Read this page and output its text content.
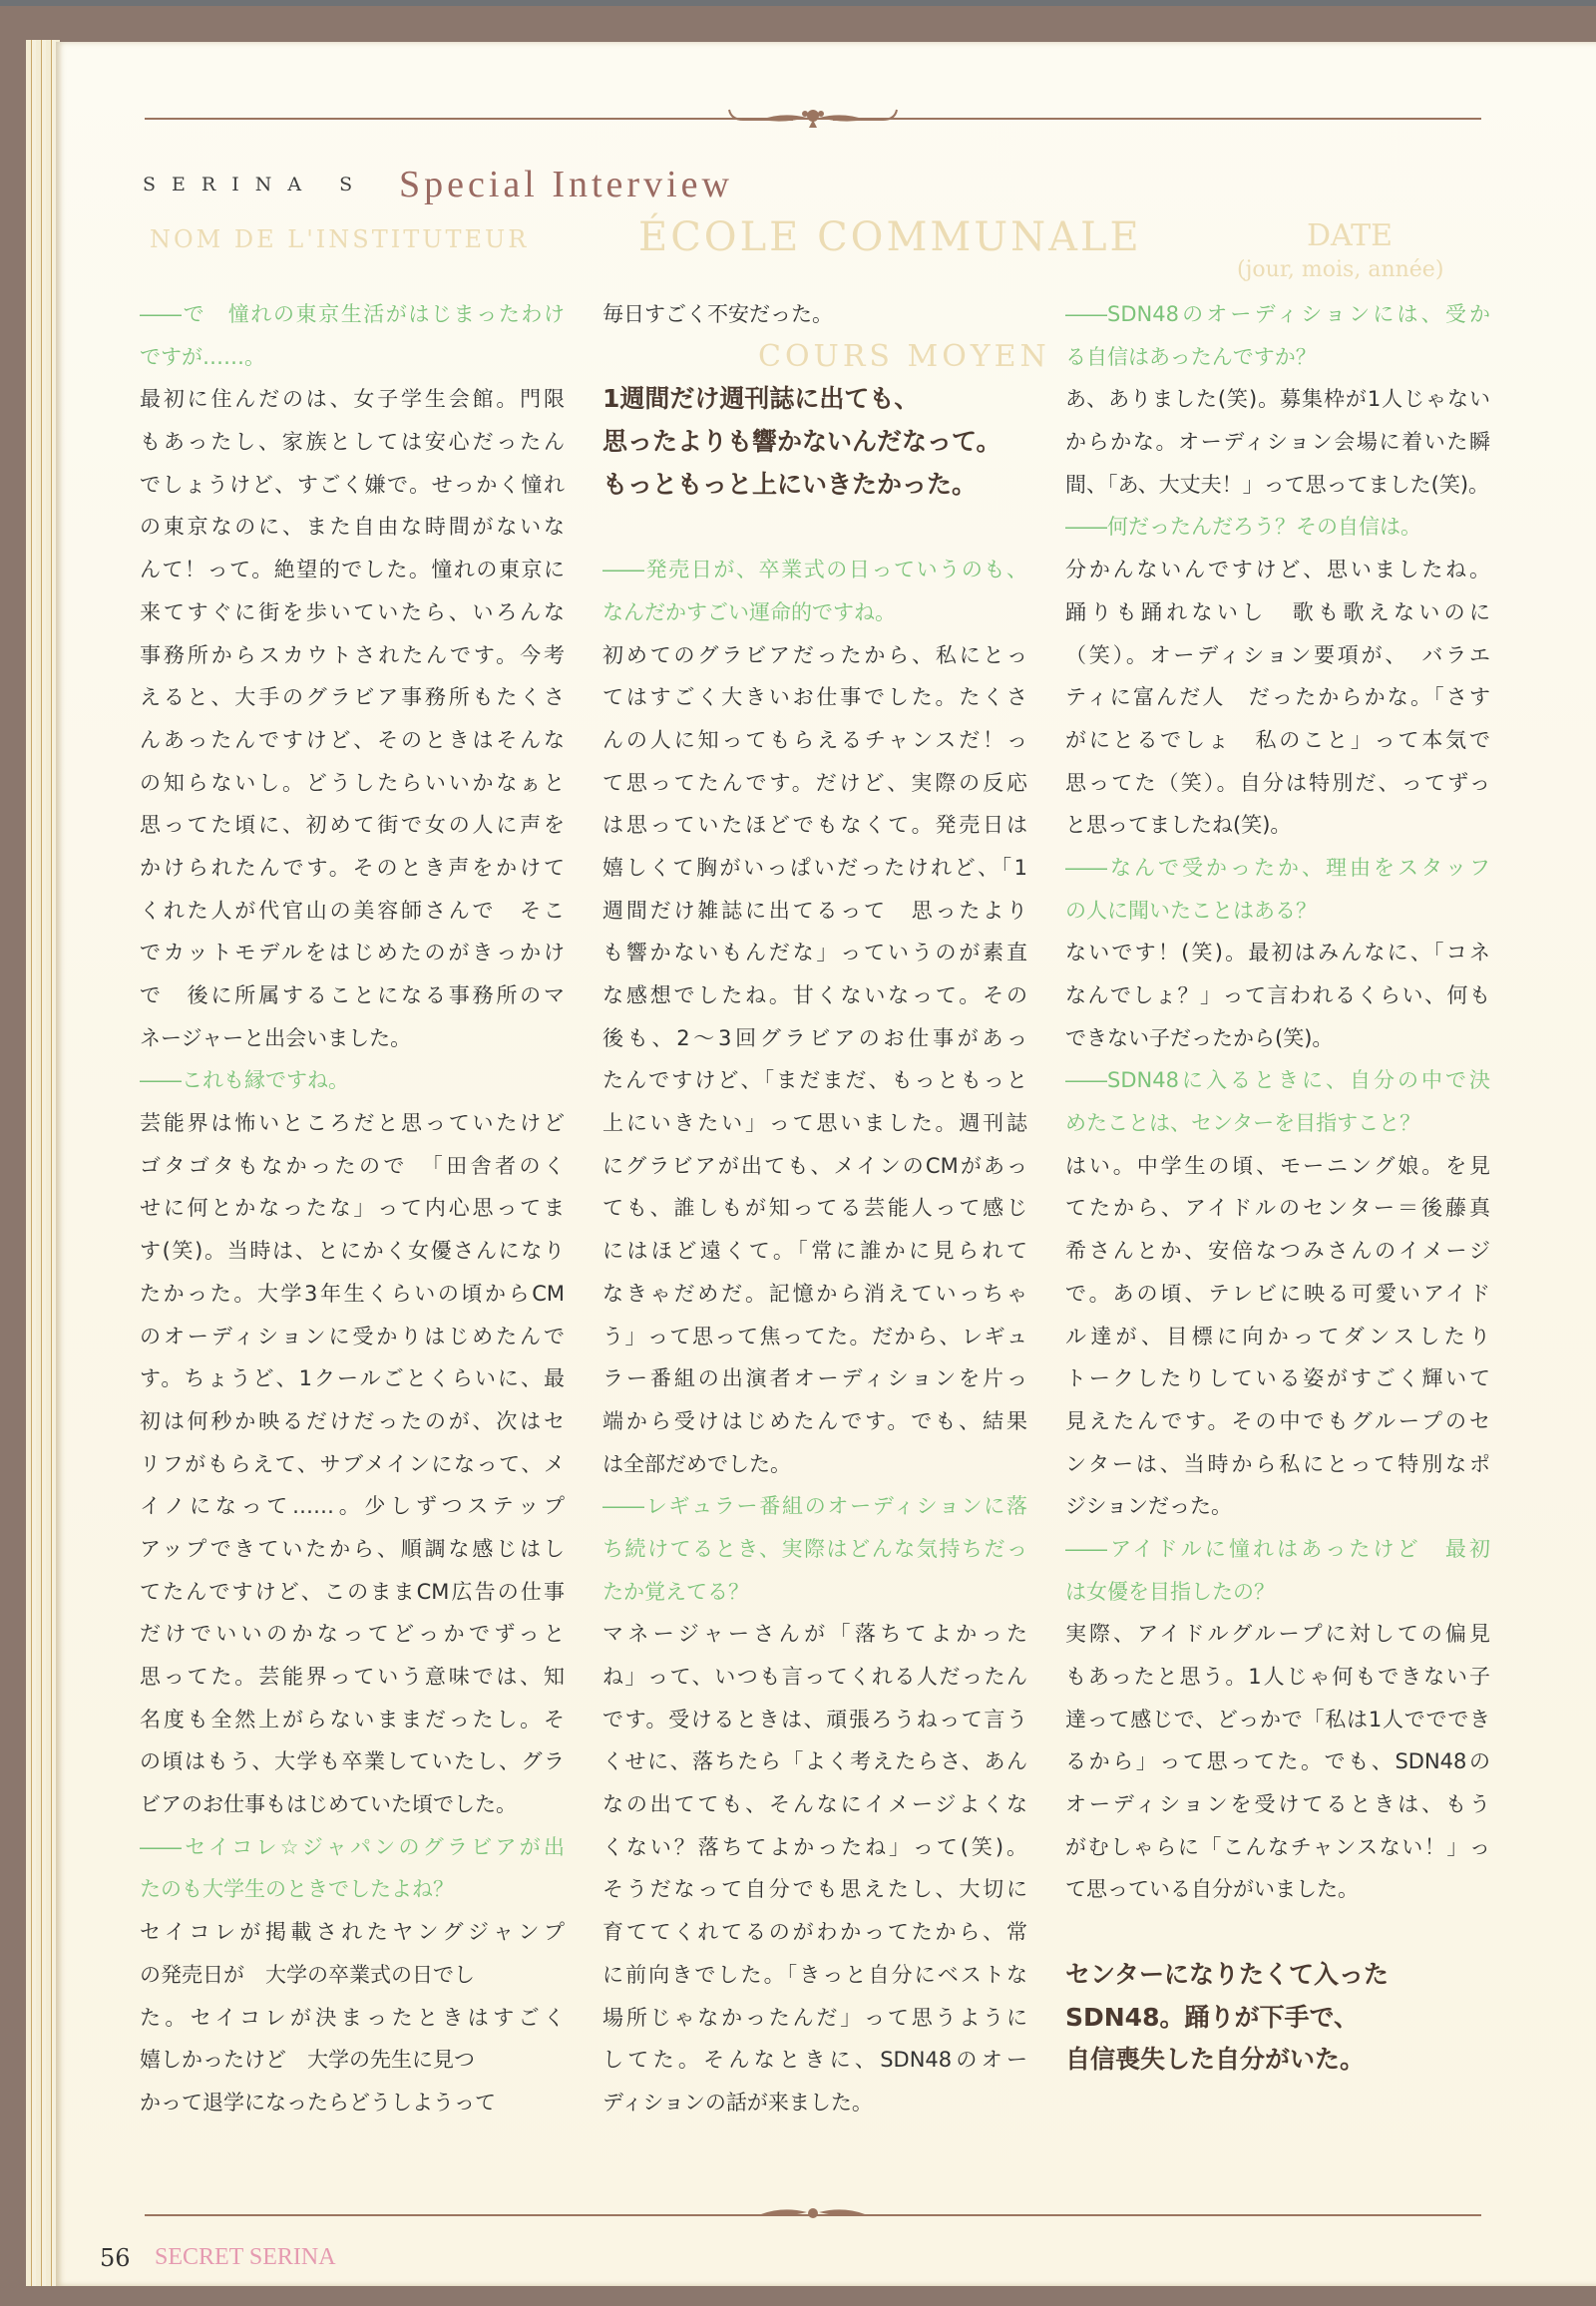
NOM DE L'INSTITUTEUR	ÉCOLE COMMUNALE	DATE
(jour, mois, année)
COURS MOYEN
SERINA S Special Interview
――で　憧れの東京生活がはじまったわけ
ですが……。
最初に住んだのは、女子学生会館。門限
もあったし、家族としては安心だったん
でしょうけど、すごく嫌で。せっかく憧れ
の東京なのに、また自由な時間がないな
んて！って。絶望的でした。憧れの東京に
来てすぐに街を歩いていたら、いろんな
事務所からスカウトされたんです。今考
えると、大手のグラビア事務所もたくさ
んあったんですけど、そのときはそんな
の知らないし。どうしたらいいかなぁと
思ってた頃に、初めて街で女の人に声を
かけられたんです。そのとき声をかけて
くれた人が代官山の美容師さんで　そこ
でカットモデルをはじめたのがきっかけ
で　後に所属することになる事務所のマ
ネージャーと出会いました。
――これも縁ですね。
芸能界は怖いところだと思っていたけど
ゴタゴタもなかったので　「田舎者のく
せに何とかなったな」って内心思ってま
す(笑)。当時は、とにかく女優さんになり
たかった。大学3年生くらいの頃からCM
のオーディションに受かりはじめたんで
す。ちょうど、1クールごとくらいに、最
初は何秒か映るだけだったのが、次はセ
リフがもらえて、サブメインになって、メ
イノになって……。少しずつステップ
アップできていたから、順調な感じはし
てたんですけど、このままCM広告の仕事
だけでいいのかなってどっかでずっと
思ってた。芸能界っていう意味では、知
名度も全然上がらないままだったし。そ
の頃はもう、大学も卒業していたし、グラ
ビアのお仕事もはじめていた頃でした。
――セイコレ☆ジャパンのグラビアが出
たのも大学生のときでしたよね？
セイコレが掲載されたヤングジャンプ
の発売日が　大学の卒業式の日でし
た。セイコレが決まったときはすごく
嬉しかったけど　大学の先生に見つ
かって退学になったらどうしようって
毎日すごく不安だった。
1週間だけ週刊誌に出ても、
思ったよりも響かないんだなって。
もっともっと上にいきたかった。
――発売日が、卒業式の日っていうのも、
なんだかすごい運命的ですね。
初めてのグラビアだったから、私にとっ
てはすごく大きいお仕事でした。たくさ
んの人に知ってもらえるチャンスだ！っ
て思ってたんです。だけど、実際の反応
は思っていたほどでもなくて。発売日は
嬉しくて胸がいっぱいだったけれど、「1
週間だけ雑誌に出てるって　思ったより
も響かないもんだな」っていうのが素直
な感想でしたね。甘くないなって。その
後も、2～3回グラビアのお仕事があっ
たんですけど、「まだまだ、もっともっと
上にいきたい」って思いました。週刊誌
にグラビアが出ても、メインのCMがあっ
ても、誰しもが知ってる芸能人って感じ
にはほど遠くて。「常に誰かに見られて
なきゃだめだ。記憶から消えていっちゃ
う」って思って焦ってた。だから、レギュ
ラー番組の出演者オーディションを片っ
端から受けはじめたんです。でも、結果
は全部だめでした。
――レギュラー番組のオーディションに落
ち続けてるとき、実際はどんな気持ちだっ
たか覚えてる？
マネージャーさんが「落ちてよかった
ね」って、いつも言ってくれる人だったん
です。受けるときは、頑張ろうねって言う
くせに、落ちたら「よく考えたらさ、あん
なの出てても、そんなにイメージよくな
くない？落ちてよかったね」って(笑)。
そうだなって自分でも思えたし、大切に
育ててくれてるのがわかってたから、常
に前向きでした。「きっと自分にベストな
場所じゃなかったんだ」って思うように
してた。そんなときに、SDN48のオー
ディションの話が来ました。
――SDN48のオーディションには、受か
る自信はあったんですか？
あ、ありました(笑)。募集枠が1人じゃない
からかな。オーディション会場に着いた瞬
間、「あ、大丈夫！」って思ってました(笑)。
――何だったんだろう？その自信は。
分かんないんですけど、思いましたね。
踊りも踊れないし　歌も歌えないのに
（笑）。オーディション要項が、　バラエ
ティに富んだ人　だったからかな。「さす
がにとるでしょ　私のこと」って本気で
思ってた（笑）。自分は特別だ、ってずっ
と思ってましたね(笑)。
――なんで受かったか、理由をスタッフ
の人に聞いたことはある？
ないです！(笑)。最初はみんなに、「コネ
なんでしょ？」って言われるくらい、何も
できない子だったから(笑)。
――SDN48に入るときに、自分の中で決
めたことは、センターを目指すこと？
はい。中学生の頃、モーニング娘。を見
てたから、アイドルのセンター＝後藤真
希さんとか、安倍なつみさんのイメージ
で。あの頃、テレビに映る可愛いアイド
ル達が、目標に向かってダンスしたり
トークしたりしている姿がすごく輝いて
見えたんです。その中でもグループのセ
ンターは、当時から私にとって特別なポ
ジションだった。
――アイドルに憧れはあったけど　最初
は女優を目指したの？
実際、アイドルグループに対しての偏見
もあったと思う。1人じゃ何もできない子
達って感じで、どっかで「私は1人でででき
るから」って思ってた。でも、SDN48の
オーディションを受けてるときは、もう
がむしゃらに「こんなチャンスない！」っ
て思っている自分がいました。
センターになりたくて入った
SDN48。踊りが下手で、
自信喪失した自分がいた。
56 SECRET SERINA
